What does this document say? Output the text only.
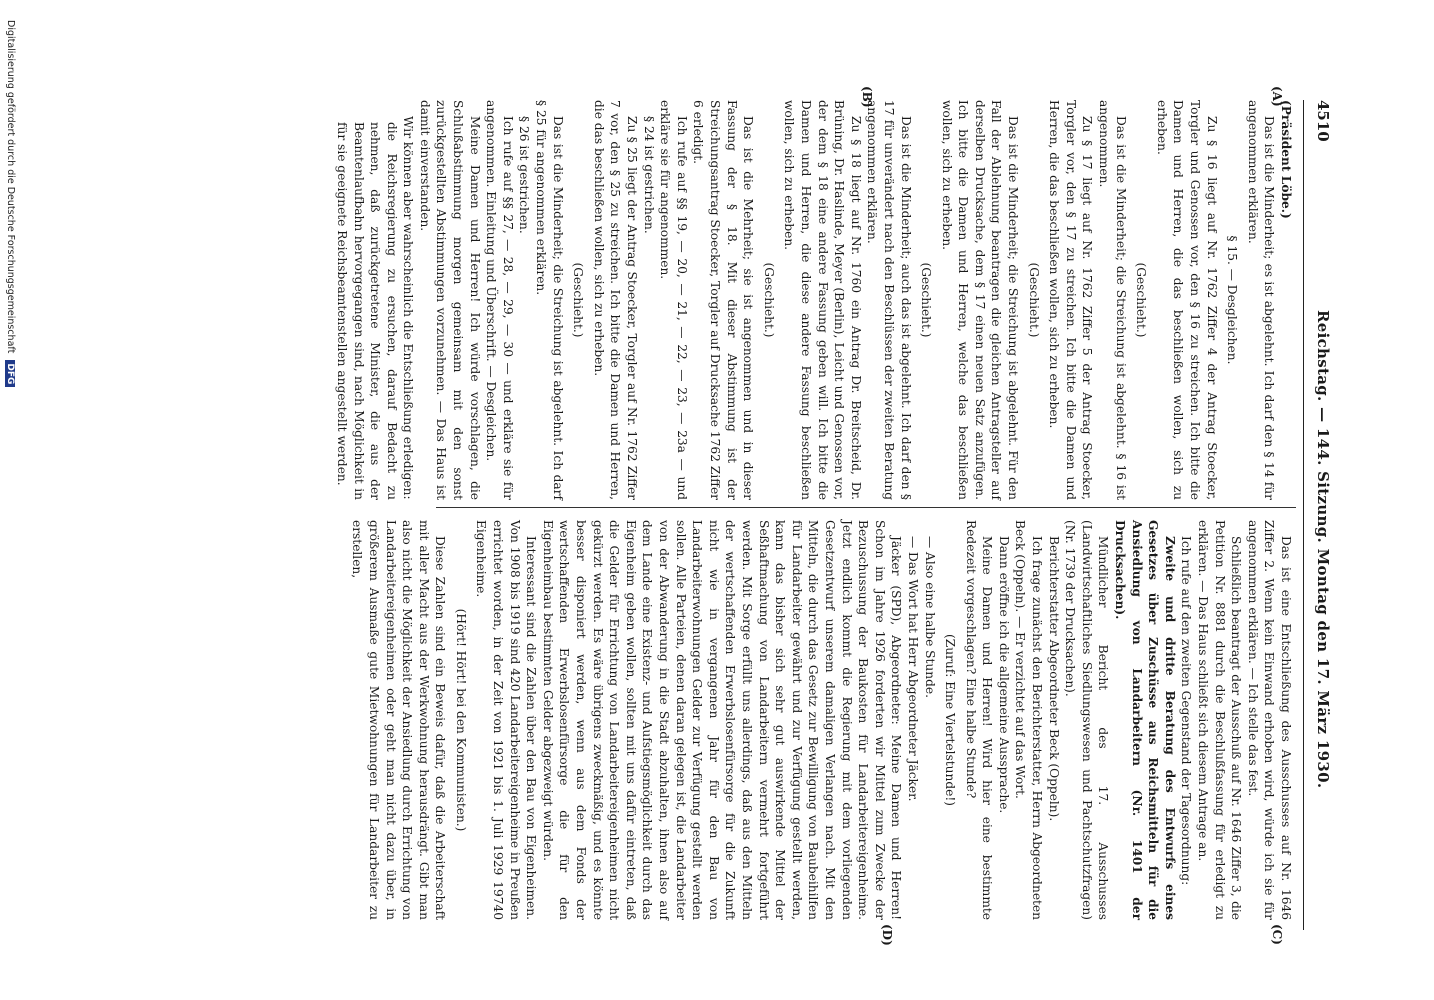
4510
Reichstag. — 144. Sitzung. Montag den 17. März 1930.
(A)
(B)
(C)
(D)

(Präsident Löbe.)

Das ist die Minderheit; es ist abgelehnt. Ich darf den § 14 für angenommen erklären.

§ 15. — Desgleichen.

Zu § 16 liegt auf Nr. 1762 Ziffer 4 der Antrag Stoecker, Torgler und Genossen vor, den § 16 zu streichen. Ich bitte die Damen und Herren, die das beschließen wollen, sich zu erheben.

(Geschieht.)

Das ist die Minderheit; die Streichung ist abgelehnt. § 16 ist angenommen.

Zu § 17 liegt auf Nr. 1762 Ziffer 5 der Antrag Stoecker, Torgler vor, den § 17 zu streichen. Ich bitte die Damen und Herren, die das beschließen wollen, sich zu erheben.

(Geschieht.)

Das ist die Minderheit; die Streichung ist abgelehnt. Für den Fall der Ablehnung beantragen die gleichen Antragsteller auf derselben Drucksache, dem § 17 einen neuen Satz anzufügen. Ich bitte die Damen und Herren, welche das beschließen wollen, sich zu erheben.

(Geschieht.)

Das ist die Minderheit; auch das ist abgelehnt. Ich darf den § 17 für unverändert nach den Beschlüssen der zweiten Beratung angenommen erklären.

Zu § 18 liegt auf Nr. 1760 ein Antrag Dr. Breitscheid, Dr. Brüning, Dr. Haslinde, Meyer (Berlin), Leicht und Genossen vor, der dem § 18 eine andere Fassung geben will. Ich bitte die Damen und Herren, die diese andere Fassung beschließen wollen, sich zu erheben.

(Geschieht.)

Das ist die Mehrheit; sie ist angenommen und in dieser Fassung der § 18. Mit dieser Abstimmung ist der Streichungsantrag Stoecker, Torgler auf Drucksache 1762 Ziffer 6 erledigt.

Ich rufe auf §§ 19, — 20, — 21, — 22, — 23, — 23a — und erkläre sie für angenommen.

§ 24 ist gestrichen.

Zu § 25 liegt der Antrag Stoecker, Torgler auf Nr. 1762 Ziffer 7 vor, den § 25 zu streichen. Ich bitte die Damen und Herren, die das beschließen wollen, sich zu erheben.

(Geschieht.)

Das ist die Minderheit; die Streichung ist abgelehnt. Ich darf § 25 für angenommen erklären.

§ 26 ist gestrichen.

Ich rufe auf §§ 27, — 28, — 29, — 30 — und erkläre sie für angenommen. Einleitung und Überschrift. — Desgleichen.

Meine Damen und Herren! Ich würde vorschlagen, die Schlußabstimmung morgen gemeinsam mit den sonst zurückgestellten Abstimmungen vorzunehmen. — Das Haus ist damit einverstanden.

Wir können aber wahrscheinlich die Entschließung erledigen:

die Reichsregierung zu ersuchen, darauf Bedacht zu nehmen, daß zurückgetretene Minister, die aus der Beamtenlaufbahn hervorgegangen sind, nach Möglichkeit in für sie geeignete Reichsbeamtenstellen angestellt werden.

Das ist eine Entschließung des Ausschusses auf Nr. 1646 Ziffer 2. Wenn kein Einwand erhoben wird, würde ich sie für angenommen erklären. — Ich stelle das fest.

Schließlich beantragt der Ausschuß auf Nr. 1646 Ziffer 3, die Petition Nr. 8881 durch die Beschlußfassung für erledigt zu erklären. — Das Haus schließt sich diesem Antrage an.

Ich rufe auf den zweiten Gegenstand der Tagesordnung:

Zweite und dritte Beratung des Entwurfs eines Gesetzes über Zuschüsse aus Reichsmitteln für die Ansiedlung von Landarbeitern (Nr. 1401 der Drucksachen).

Mündlicher Bericht des 17. Ausschusses (Landwirtschaftliches Siedlungswesen und Pachtschutzfragen) (Nr. 1739 der Drucksachen).

Berichterstatter Abgeordneter Beck (Oppeln).

Ich frage zunächst den Berichterstatter, Herrn Abgeordneten Beck (Oppeln). — Er verzichtet auf das Wort.

Dann eröffne ich die allgemeine Aussprache.

Meine Damen und Herren! Wird hier eine bestimmte Redezeit vorgeschlagen? Eine halbe Stunde?

(Zuruf: Eine Viertelstunde!)

— Also eine halbe Stunde.

— Das Wort hat Herr Abgeordneter Jäcker.

Jäcker (SPD), Abgeordneter: Meine Damen und Herren! Schon im Jahre 1926 forderten wir Mittel zum Zwecke der Bezuschussung der Baukosten für Landarbeitereigenheime. Jetzt endlich kommt die Regierung mit dem vorliegenden Gesetzentwurf unserem damaligen Verlangen nach. Mit den Mitteln, die durch das Gesetz zur Bewilligung von Baubeihilfen für Landarbeiter gewährt und zur Verfügung gestellt werden, kann das bisher sich sehr gut auswirkende Mittel der Seßhaftmachung von Landarbeitern vermehrt fortgeführt werden. Mit Sorge erfüllt uns allerdings, daß aus den Mitteln der wertschaffenden Erwerbslosenfürsorge für die Zukunft nicht wie in vergangenen Jahr für den Bau von Landarbeiterwohnungen Gelder zur Verfügung gestellt werden sollen. Alle Parteien, denen daran gelegen ist, die Landarbeiter von der Abwanderung in die Stadt abzuhalten, ihnen also auf dem Lande eine Existenz- und Aufstiegsmöglichkeit durch das Eigenheim geben wollen, sollten mit uns dafür eintreten, daß die Gelder für Errichtung von Landarbeitereigenheimen nicht gekürzt werden. Es wäre übrigens zweckmäßig, und es könnte besser disponiert werden, wenn aus dem Fonds der wertschaffenden Erwerbslosenfürsorge die für den Eigenheimbau bestimmten Gelder abgezweigt würden.

Interessant sind die Zahlen über den Bau von Eigenheimen. Von 1908 bis 1919 sind 420 Landarbeitereigenheime in Preußen errichtet worden, in der Zeit von 1921 bis 1. Juli 1929 19740 Eigenheime.

(Hört! Hört! bei den Kommunisten.)

Diese Zahlen sind ein Beweis dafür, daß die Arbeiterschaft mit aller Macht aus der Werkwohnung herausdrängt. Gibt man also nicht die Möglichkeit der Ansiedlung durch Errichtung von Landarbeitereigenheimen oder geht man nicht dazu über, in größerem Ausmaße gute Mietwohnungen für Landarbeiter zu erstellen,

Digitalisierung gefördert durch die Deutsche Forschungsgemeinschaft DFG
